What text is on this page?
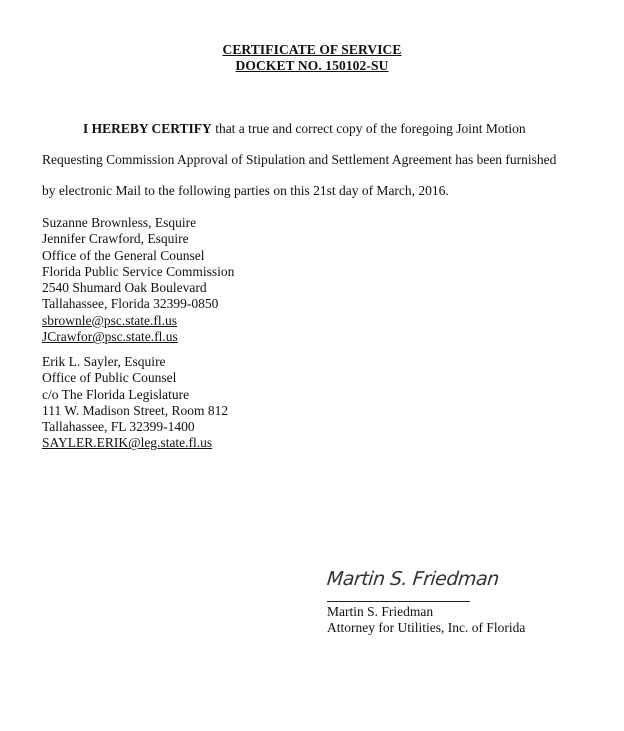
CERTIFICATE OF SERVICE
DOCKET NO. 150102-SU
I HEREBY CERTIFY that a true and correct copy of the foregoing Joint Motion
Requesting Commission Approval of Stipulation and Settlement Agreement has been furnished
by electronic Mail to the following parties on this 21st day of March, 2016.
Suzanne Brownless, Esquire
Jennifer Crawford, Esquire
Office of the General Counsel
Florida Public Service Commission
2540 Shumard Oak Boulevard
Tallahassee, Florida 32399-0850
sbrownle@psc.state.fl.us
JCrawfor@psc.state.fl.us
Erik L. Sayler, Esquire
Office of Public Counsel
c/o The Florida Legislature
111 W. Madison Street, Room 812
Tallahassee, FL 32399-1400
SAYLER.ERIK@leg.state.fl.us
Martin S. Friedman
Martin S. Friedman
Attorney for Utilities, Inc. of Florida
